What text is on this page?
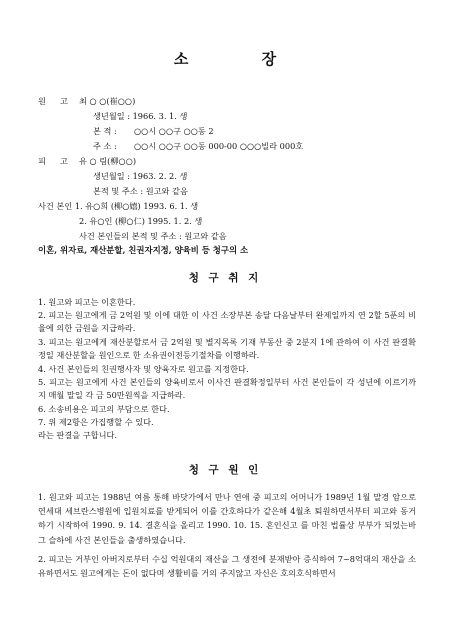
소 장
원 고 최 ○ ○(崔○○)
생년월일 : 1966. 3. 1. 생
본 적 : ○○시 ○○구 ○○동 2
주 소 : ○○시 ○○구 ○○동 000-00 ○○○빌라 000호
피 고 유 ○ 림(柳○○)
생년월일 : 1963. 2. 2. 생
본적 및 주소 : 원고와 같음
사건 본인 1. 유○희 (柳○嬉) 1993. 6. 1. 생
2. 유○인 (柳○仁) 1995. 1. 2. 생
사건 본인들의 본적 및 주소 : 원고와 같음
이혼, 위자료, 재산분할, 친권자지정, 양육비 등 청구의 소
청 구 취 지
1. 원고와 피고는 이혼한다.
2. 피고는 원고에게 금 2억원 및 이에 대한 이 사건 소장부본 송달 다음날부터 완제일까지 연 2할 5푼의 비율에 의한 금원을 지급하라.
3. 피고는 원고에게 재산분할로서 금 2억원 및 별지목록 기재 부동산 중 2분지 1에 관하여 이 사건 판결확정일 재산분할을 원인으로 한 소유권이전등기절차를 이행하라.
4. 사건 본인들의 친권행사자 및 양육자로 원고를 지정한다.
5. 피고는 원고에게 사건 본인들의 양육비로서 이사건 판결확정일부터 사건 본인들이 각 성년에 이르기까지 매월 말일 각 금 50만원씩을 지급하라.
6. 소송비용은 피고의 부담으로 한다.
7. 위 제2항은 가집행할 수 있다.
라는 판결을 구합니다.
청 구 원 인
1. 원고와 피고는 1988년 여름 통해 바닷가에서 만나 연애 중 피고의 어머니가 1989년 1월 말경 암으로 연세대 세브란스병원에 입원치료를 받게되어 이를 간호하다가 같은해 4월초 퇴원하면서부터 피고와 동거하기 시작하여 1990. 9. 14. 결혼식을 올리고 1990. 10. 15. 혼인신고 를 마친 법률상 부부가 되었는바 그 슬하에 사건 본인들을 출생하였습니다.
2. 피고는 거부인 아버지로부터 수십 억원대의 재산을 그 생전에 분재받아 증식하여 7~8억대의 재산을 소유하면서도 원고에게는 돈이 없다며 생활비를 거의 주지않고 자신은 호의호식하면서
